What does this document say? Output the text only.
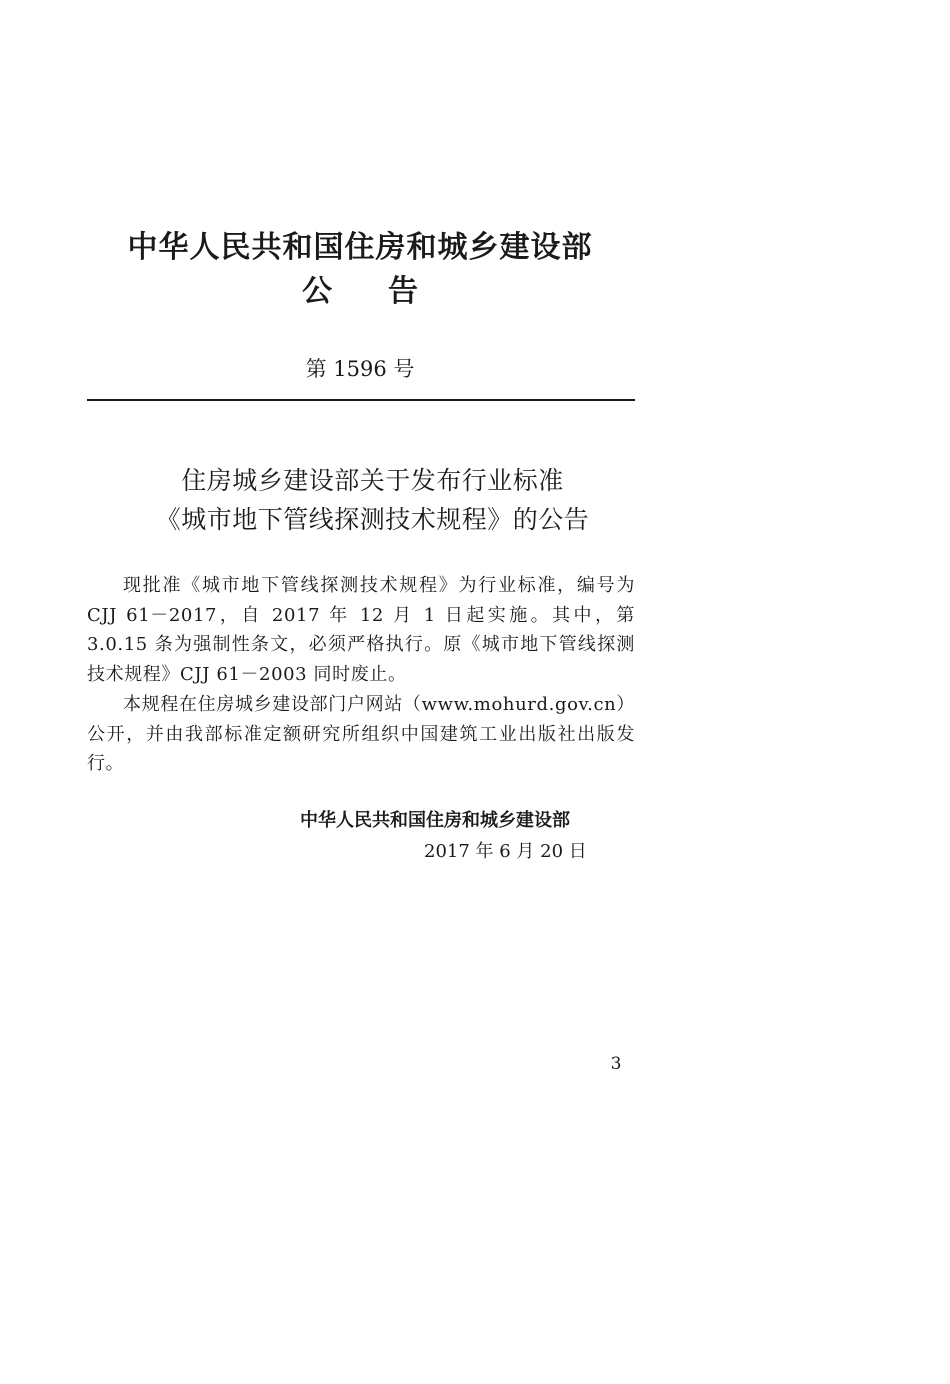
中华人民共和国住房和城乡建设部
公告
第 1596 号
住房城乡建设部关于发布行业标准
《城市地下管线探测技术规程》的公告

现批准《城市地下管线探测技术规程》为行业标准，编号为 CJJ 61－2017，自 2017 年 12 月 1 日起实施。其中，第 3.0.15 条为强制性条文，必须严格执行。原《城市地下管线探测技术规程》CJJ 61－2003 同时废止。

本规程在住房城乡建设部门户网站（www.mohurd.gov.cn）公开，并由我部标准定额研究所组织中国建筑工业出版社出版发行。

中华人民共和国住房和城乡建设部
2017 年 6 月 20 日
3
